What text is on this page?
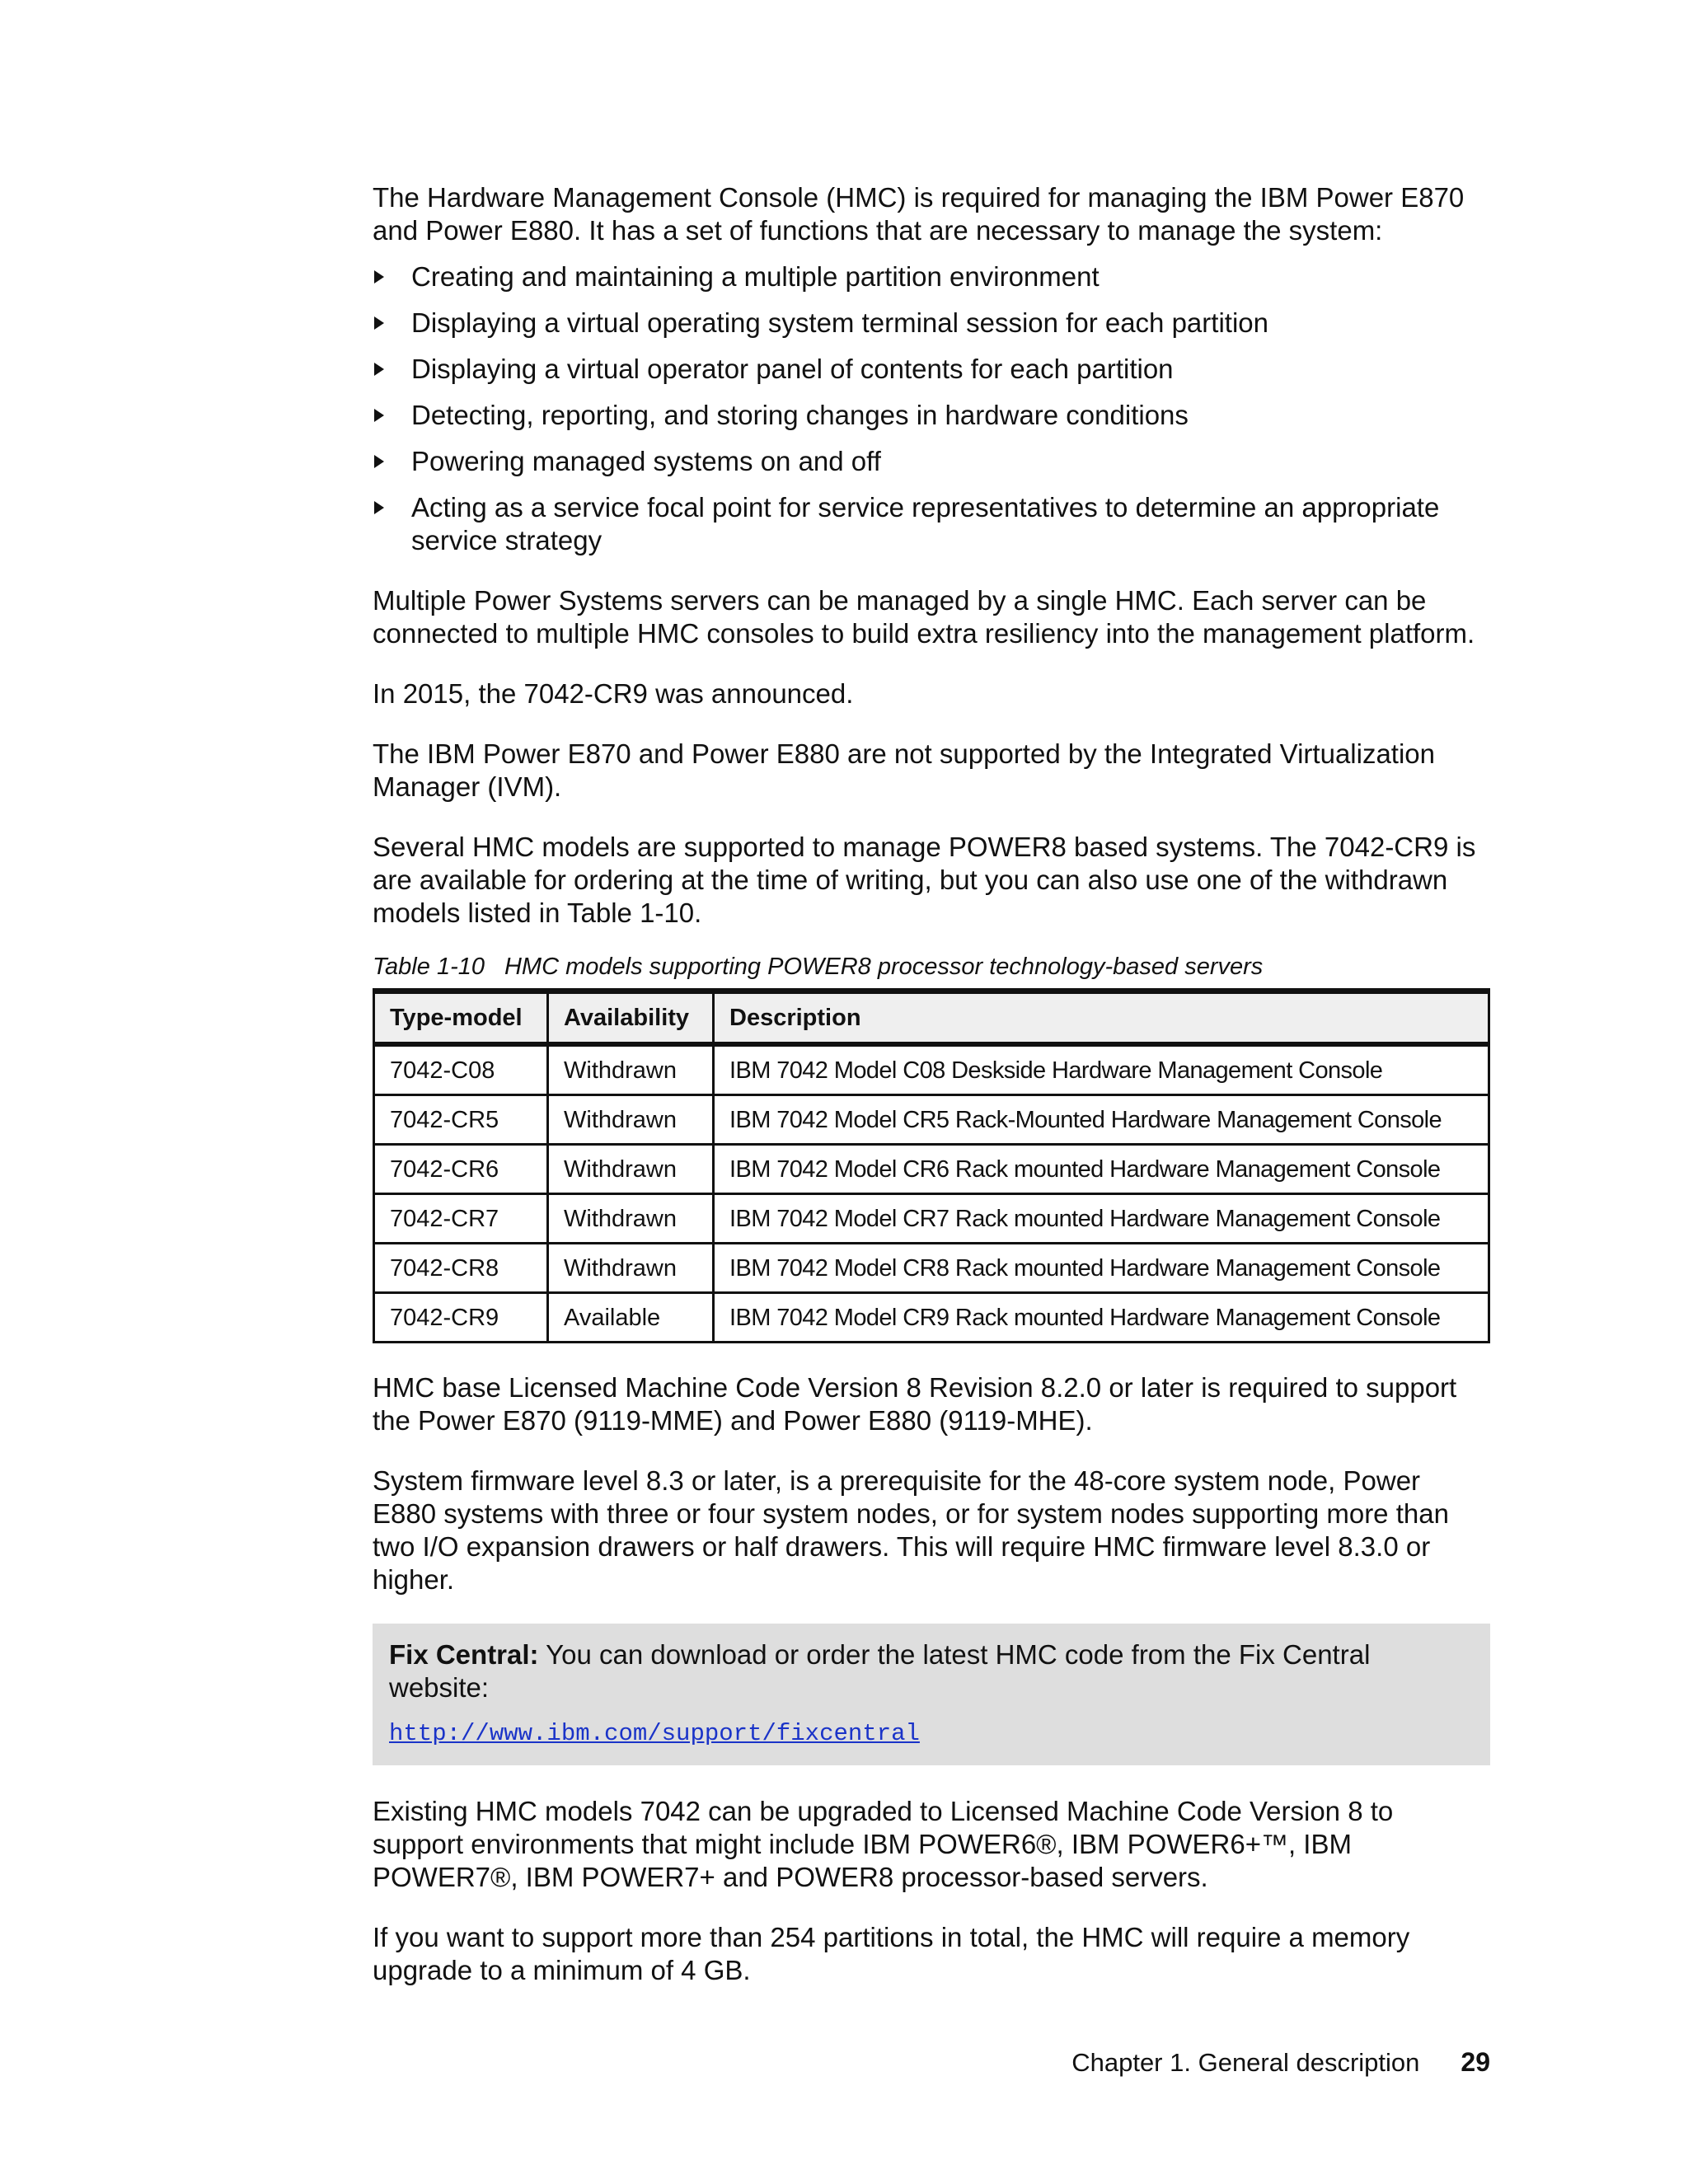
The Hardware Management Console (HMC) is required for managing the IBM Power E870 and Power E880. It has a set of functions that are necessary to manage the system:

Creating and maintaining a multiple partition environment
Displaying a virtual operating system terminal session for each partition
Displaying a virtual operator panel of contents for each partition
Detecting, reporting, and storing changes in hardware conditions
Powering managed systems on and off
Acting as a service focal point for service representatives to determine an appropriate service strategy

Multiple Power Systems servers can be managed by a single HMC. Each server can be connected to multiple HMC consoles to build extra resiliency into the management platform.

In 2015, the 7042-CR9 was announced.

The IBM Power E870 and Power E880 are not supported by the Integrated Virtualization Manager (IVM).

Several HMC models are supported to manage POWER8 based systems. The 7042-CR9 is are available for ordering at the time of writing, but you can also use one of the withdrawn models listed in Table 1-10.

Table 1-10 HMC models supporting POWER8 processor technology-based servers
Type-model	Availability	Description
7042-C08	Withdrawn	IBM 7042 Model C08 Deskside Hardware Management Console
7042-CR5	Withdrawn	IBM 7042 Model CR5 Rack-Mounted Hardware Management Console
7042-CR6	Withdrawn	IBM 7042 Model CR6 Rack mounted Hardware Management Console
7042-CR7	Withdrawn	IBM 7042 Model CR7 Rack mounted Hardware Management Console
7042-CR8	Withdrawn	IBM 7042 Model CR8 Rack mounted Hardware Management Console
7042-CR9	Available	IBM 7042 Model CR9 Rack mounted Hardware Management Console

HMC base Licensed Machine Code Version 8 Revision 8.2.0 or later is required to support the Power E870 (9119-MME) and Power E880 (9119-MHE).

System firmware level 8.3 or later, is a prerequisite for the 48-core system node, Power E880 systems with three or four system nodes, or for system nodes supporting more than two I/O expansion drawers or half drawers. This will require HMC firmware level 8.3.0 or higher.

Fix Central: You can download or order the latest HMC code from the Fix Central website:

http://www.ibm.com/support/fixcentral

Existing HMC models 7042 can be upgraded to Licensed Machine Code Version 8 to support environments that might include IBM POWER6®, IBM POWER6+™, IBM POWER7®, IBM POWER7+ and POWER8 processor-based servers.

If you want to support more than 254 partitions in total, the HMC will require a memory upgrade to a minimum of 4 GB.

Chapter 1. General description 29
